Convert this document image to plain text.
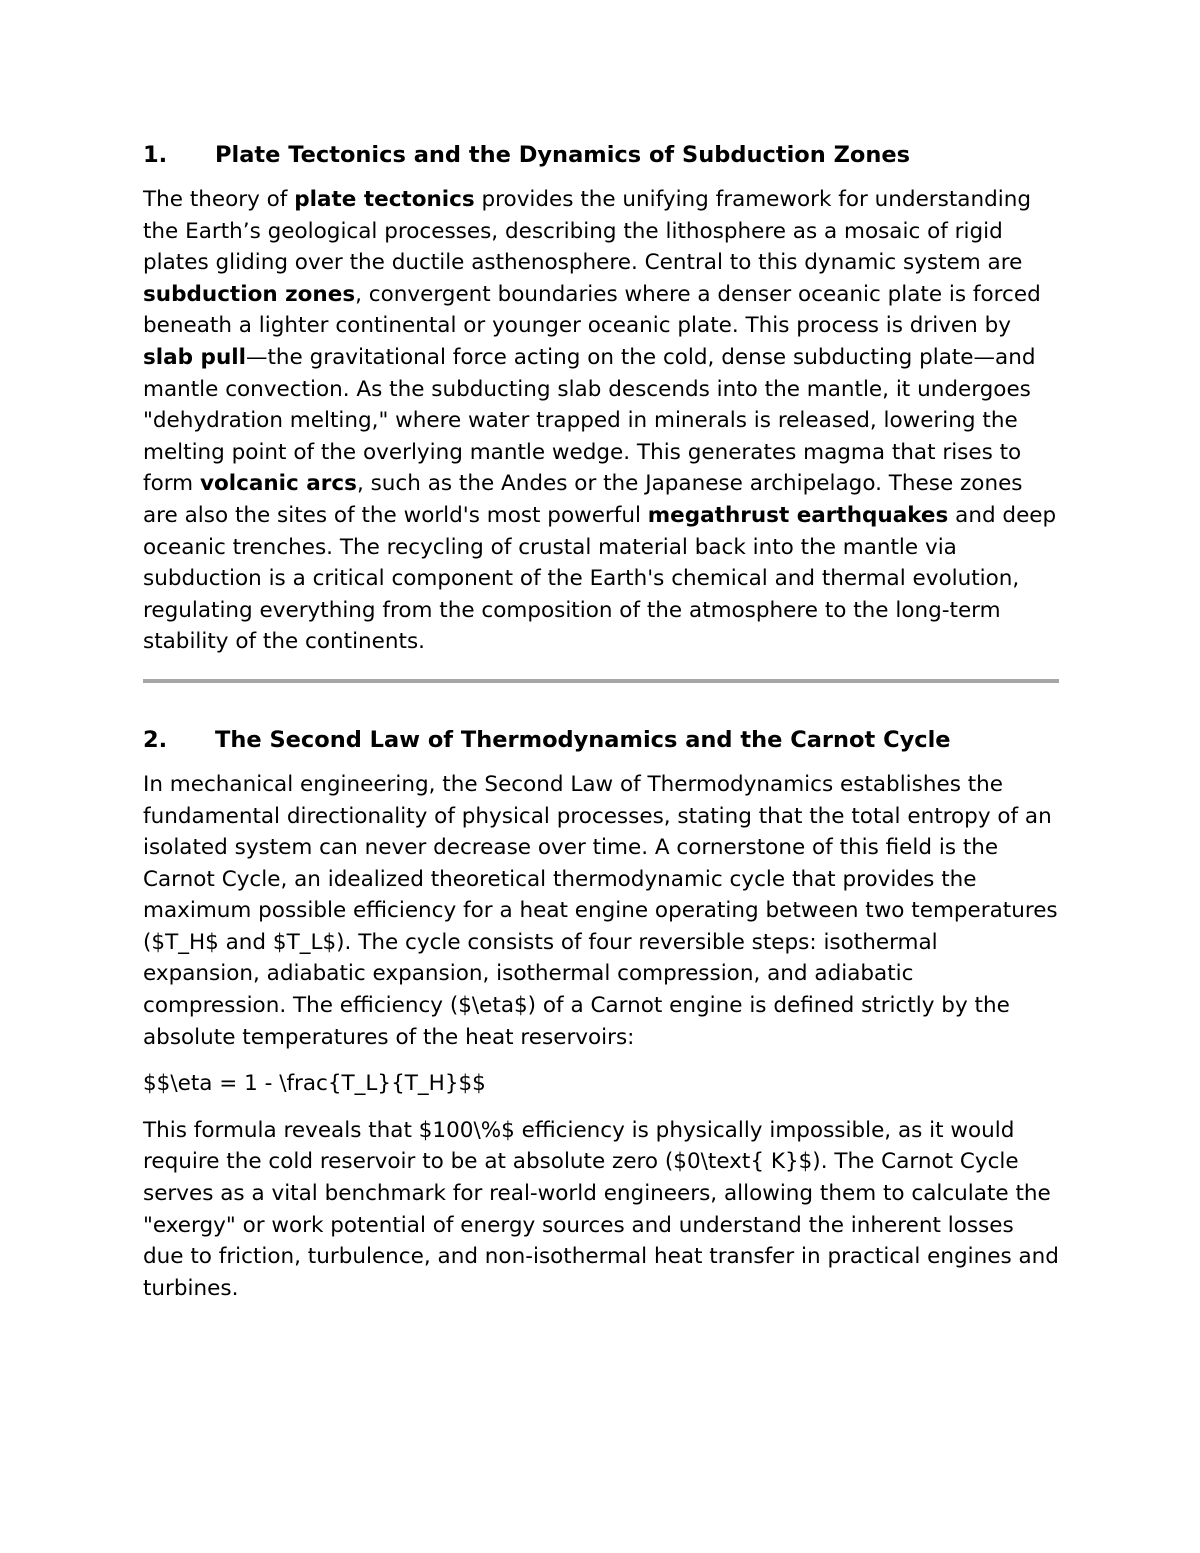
1.	Plate Tectonics and the Dynamics of Subduction Zones

The theory of plate tectonics provides the unifying framework for understanding the Earth’s geological processes, describing the lithosphere as a mosaic of rigid plates gliding over the ductile asthenosphere. Central to this dynamic system are subduction zones, convergent boundaries where a denser oceanic plate is forced beneath a lighter continental or younger oceanic plate. This process is driven by slab pull—the gravitational force acting on the cold, dense subducting plate—and mantle convection. As the subducting slab descends into the mantle, it undergoes "dehydration melting," where water trapped in minerals is released, lowering the melting point of the overlying mantle wedge. This generates magma that rises to form volcanic arcs, such as the Andes or the Japanese archipelago. These zones are also the sites of the world's most powerful megathrust earthquakes and deep oceanic trenches. The recycling of crustal material back into the mantle via subduction is a critical component of the Earth's chemical and thermal evolution, regulating everything from the composition of the atmosphere to the long-term stability of the continents.

2.	The Second Law of Thermodynamics and the Carnot Cycle

In mechanical engineering, the Second Law of Thermodynamics establishes the fundamental directionality of physical processes, stating that the total entropy of an isolated system can never decrease over time. A cornerstone of this field is the Carnot Cycle, an idealized theoretical thermodynamic cycle that provides the maximum possible efficiency for a heat engine operating between two temperatures ($T_H$ and $T_L$). The cycle consists of four reversible steps: isothermal expansion, adiabatic expansion, isothermal compression, and adiabatic compression. The efficiency ($\eta$) of a Carnot engine is defined strictly by the absolute temperatures of the heat reservoirs:

$$\eta = 1 - \frac{T_L}{T_H}$$

This formula reveals that $100\%$ efficiency is physically impossible, as it would require the cold reservoir to be at absolute zero ($0\text{ K}$). The Carnot Cycle serves as a vital benchmark for real-world engineers, allowing them to calculate the "exergy" or work potential of energy sources and understand the inherent losses due to friction, turbulence, and non-isothermal heat transfer in practical engines and turbines.
